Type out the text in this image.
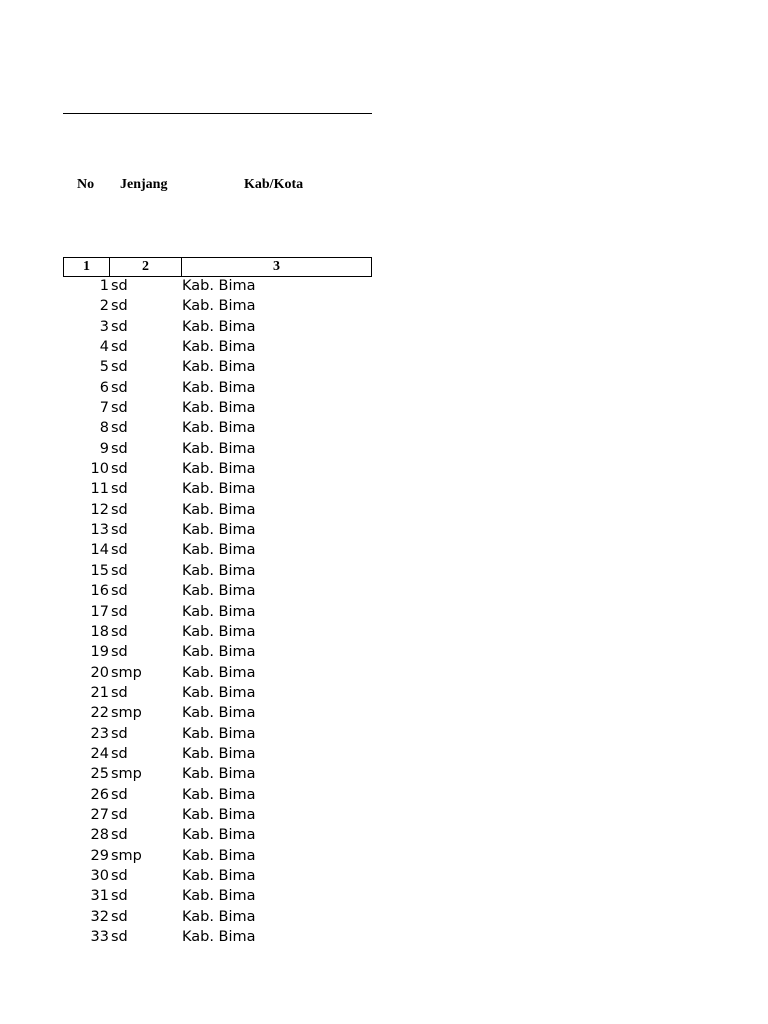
No Jenjang	Kab/Kota
1	2	3
1 sd	Kab. Bima
2 sd	Kab. Bima
3 sd	Kab. Bima
4 sd	Kab. Bima
5 sd	Kab. Bima
6 sd	Kab. Bima
7 sd	Kab. Bima
8 sd	Kab. Bima
9 sd	Kab. Bima
10 sd	Kab. Bima
11 sd	Kab. Bima
12 sd	Kab. Bima
13 sd	Kab. Bima
14 sd	Kab. Bima
15 sd	Kab. Bima
16 sd	Kab. Bima
17 sd	Kab. Bima
18 sd	Kab. Bima
19 sd	Kab. Bima
20 smp	Kab. Bima
21 sd	Kab. Bima
22 smp	Kab. Bima
23 sd	Kab. Bima
24 sd	Kab. Bima
25 smp	Kab. Bima
26 sd	Kab. Bima
27 sd	Kab. Bima
28 sd	Kab. Bima
29 smp	Kab. Bima
30 sd	Kab. Bima
31 sd	Kab. Bima
32 sd	Kab. Bima
33 sd	Kab. Bima
